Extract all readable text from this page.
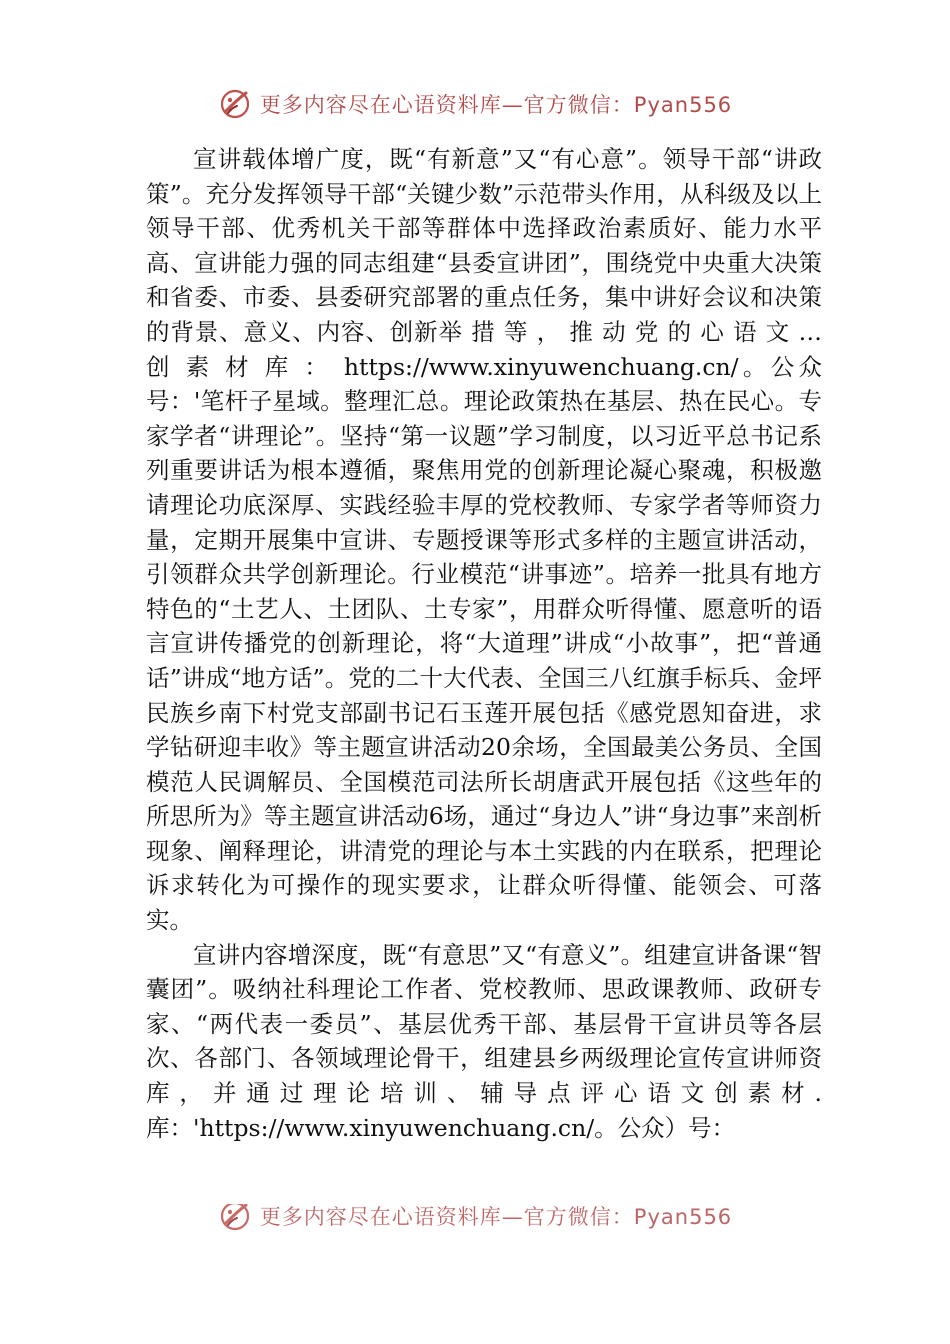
更多内容尽在心语资料库—官方微信：Pyan556

宣讲载体增广度，既“有新意”又“有心意”。领导干部“讲政策”。充分发挥领导干部“关键少数”示范带头作用，从科级及以上领导干部、优秀机关干部等群体中选择政治素质好、能力水平高、宣讲能力强的同志组建“县委宣讲团”，围绕党中央重大决策和省委、市委、县委研究部署的重点任务，集中讲好会议和决策的背景、意义、内容、创新举 措 等 ， 推 动 党 的 心 语 文 … 创 素 材 库 ： https://www.xinyuwenchuang.cn/。公众号：'笔杆子星域。整理汇总。理论政策热在基层、热在民心。专家学者“讲理论”。坚持“第一议题”学习制度，以习近平总书记系列重要讲话为根本遵循，聚焦用党的创新理论凝心聚魂，积极邀请理论功底深厚、实践经验丰厚的党校教师、专家学者等师资力量，定期开展集中宣讲、专题授课等形式多样的主题宣讲活动，引领群众共学创新理论。行业模范“讲事迹”。培养一批具有地方特色的“土艺人、土团队、土专家”，用群众听得懂、愿意听的语言宣讲传播党的创新理论，将“大道理”讲成“小故事”，把“普通话”讲成“地方话”。党的二十大代表、全国三八红旗手标兵、金坪民族乡南下村党支部副书记石玉莲开展包括《感党恩知奋进，求学钻研迎丰收》等主题宣讲活动20余场，全国最美公务员、全国模范人民调解员、全国模范司法所长胡唐武开展包括《这些年的所思所为》等主题宣讲活动6场，通过“身边人”讲“身边事”来剖析现象、阐释理论，讲清党的理论与本土实践的内在联系，把理论诉求转化为可操作的现实要求，让群众听得懂、能领会、可落实。

宣讲内容增深度，既“有意思”又“有意义”。组建宣讲备课“智囊团”。吸纳社科理论工作者、党校教师、思政课教师、政研专家、“两代表一委员”、基层优秀干部、基层骨干宣讲员等各层次、各部门、各领域理论骨干，组建县乡两级理论宣传宣讲师资库，并通过理论培训、辅导点评心语文创素材.库：'https://www.xinyuwenchuang.cn/。公众）号：

更多内容尽在心语资料库—官方微信：Pyan556
